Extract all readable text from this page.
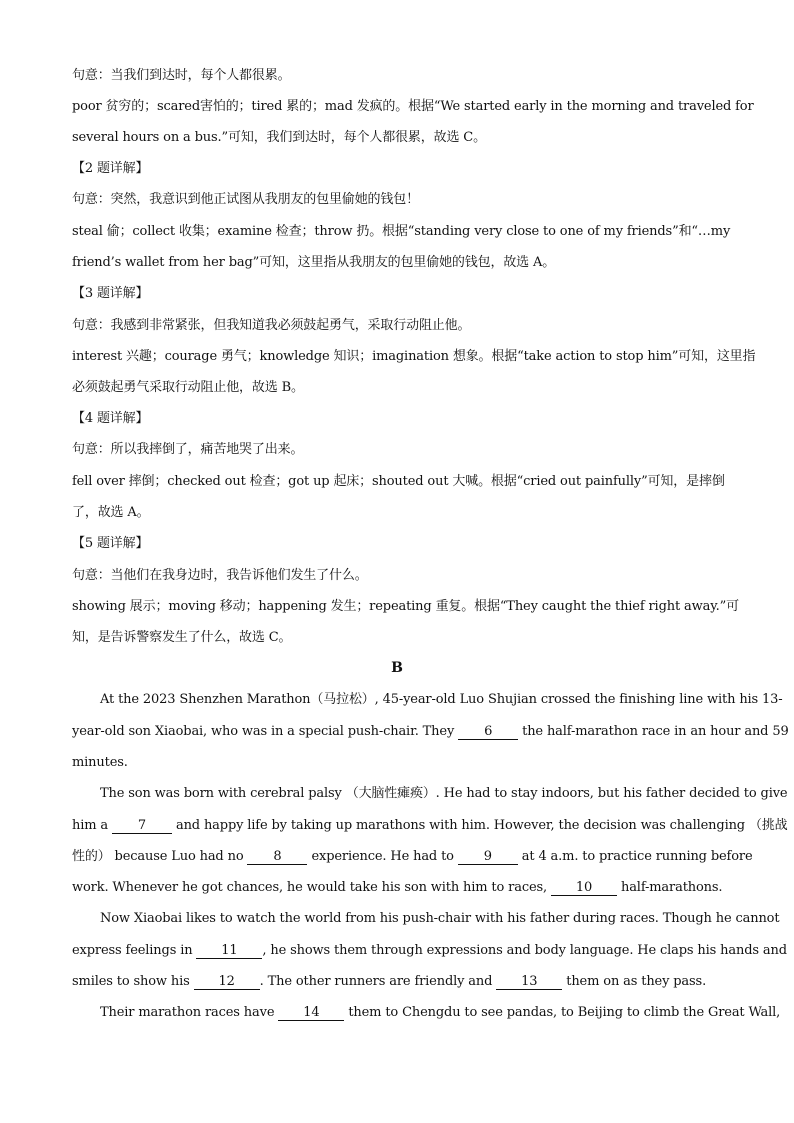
句意：当我们到达时，每个人都很累。
poor 贫穷的；scared害怕的；tired 累的；mad 发疯的。根据“We started early in the morning and traveled for
several hours on a bus.”可知，我们到达时，每个人都很累，故选 C。
【2 题详解】
句意：突然，我意识到他正试图从我朋友的包里偷她的钱包！
steal 偷；collect 收集；examine 检查；throw 扔。根据“standing very close to one of my friends”和“…my
friend’s wallet from her bag”可知，这里指从我朋友的包里偷她的钱包，故选 A。
【3 题详解】
句意：我感到非常紧张，但我知道我必须鼓起勇气，采取行动阻止他。
interest 兴趣；courage 勇气；knowledge 知识；imagination 想象。根据“take action to stop him”可知，这里指
必须鼓起勇气采取行动阻止他，故选 B。
【4 题详解】
句意：所以我摔倒了，痛苦地哭了出来。
fell over 摔倒；checked out 检查；got up 起床；shouted out 大喊。根据“cried out painfully”可知，是摔倒
了，故选 A。
【5 题详解】
句意：当他们在我身边时，我告诉他们发生了什么。
showing 展示；moving 移动；happening 发生；repeating 重复。根据“They caught the thief right away.”可
知，是告诉警察发生了什么，故选 C。
B
At the 2023 Shenzhen Marathon（马拉松）, 45-year-old Luo Shujian crossed the finishing line with his 13-
year-old son Xiaobai, who was in a special push-chair. They 6 the half-marathon race in an hour and 59
minutes.
The son was born with cerebral palsy （大脑性瘫痪）. He had to stay indoors, but his father decided to give
him a 7 and happy life by taking up marathons with him. However, the decision was challenging （挑战
性的） because Luo had no 8 experience. He had to 9 at 4 a.m. to practice running before
work. Whenever he got chances, he would take his son with him to races, 10 half-marathons.
Now Xiaobai likes to watch the world from his push-chair with his father during races. Though he cannot
express feelings in 11 , he shows them through expressions and body language. He claps his hands and
smiles to show his 12 . The other runners are friendly and 13 them on as they pass.
Their marathon races have 14 them to Chengdu to see pandas, to Beijing to climb the Great Wall,
